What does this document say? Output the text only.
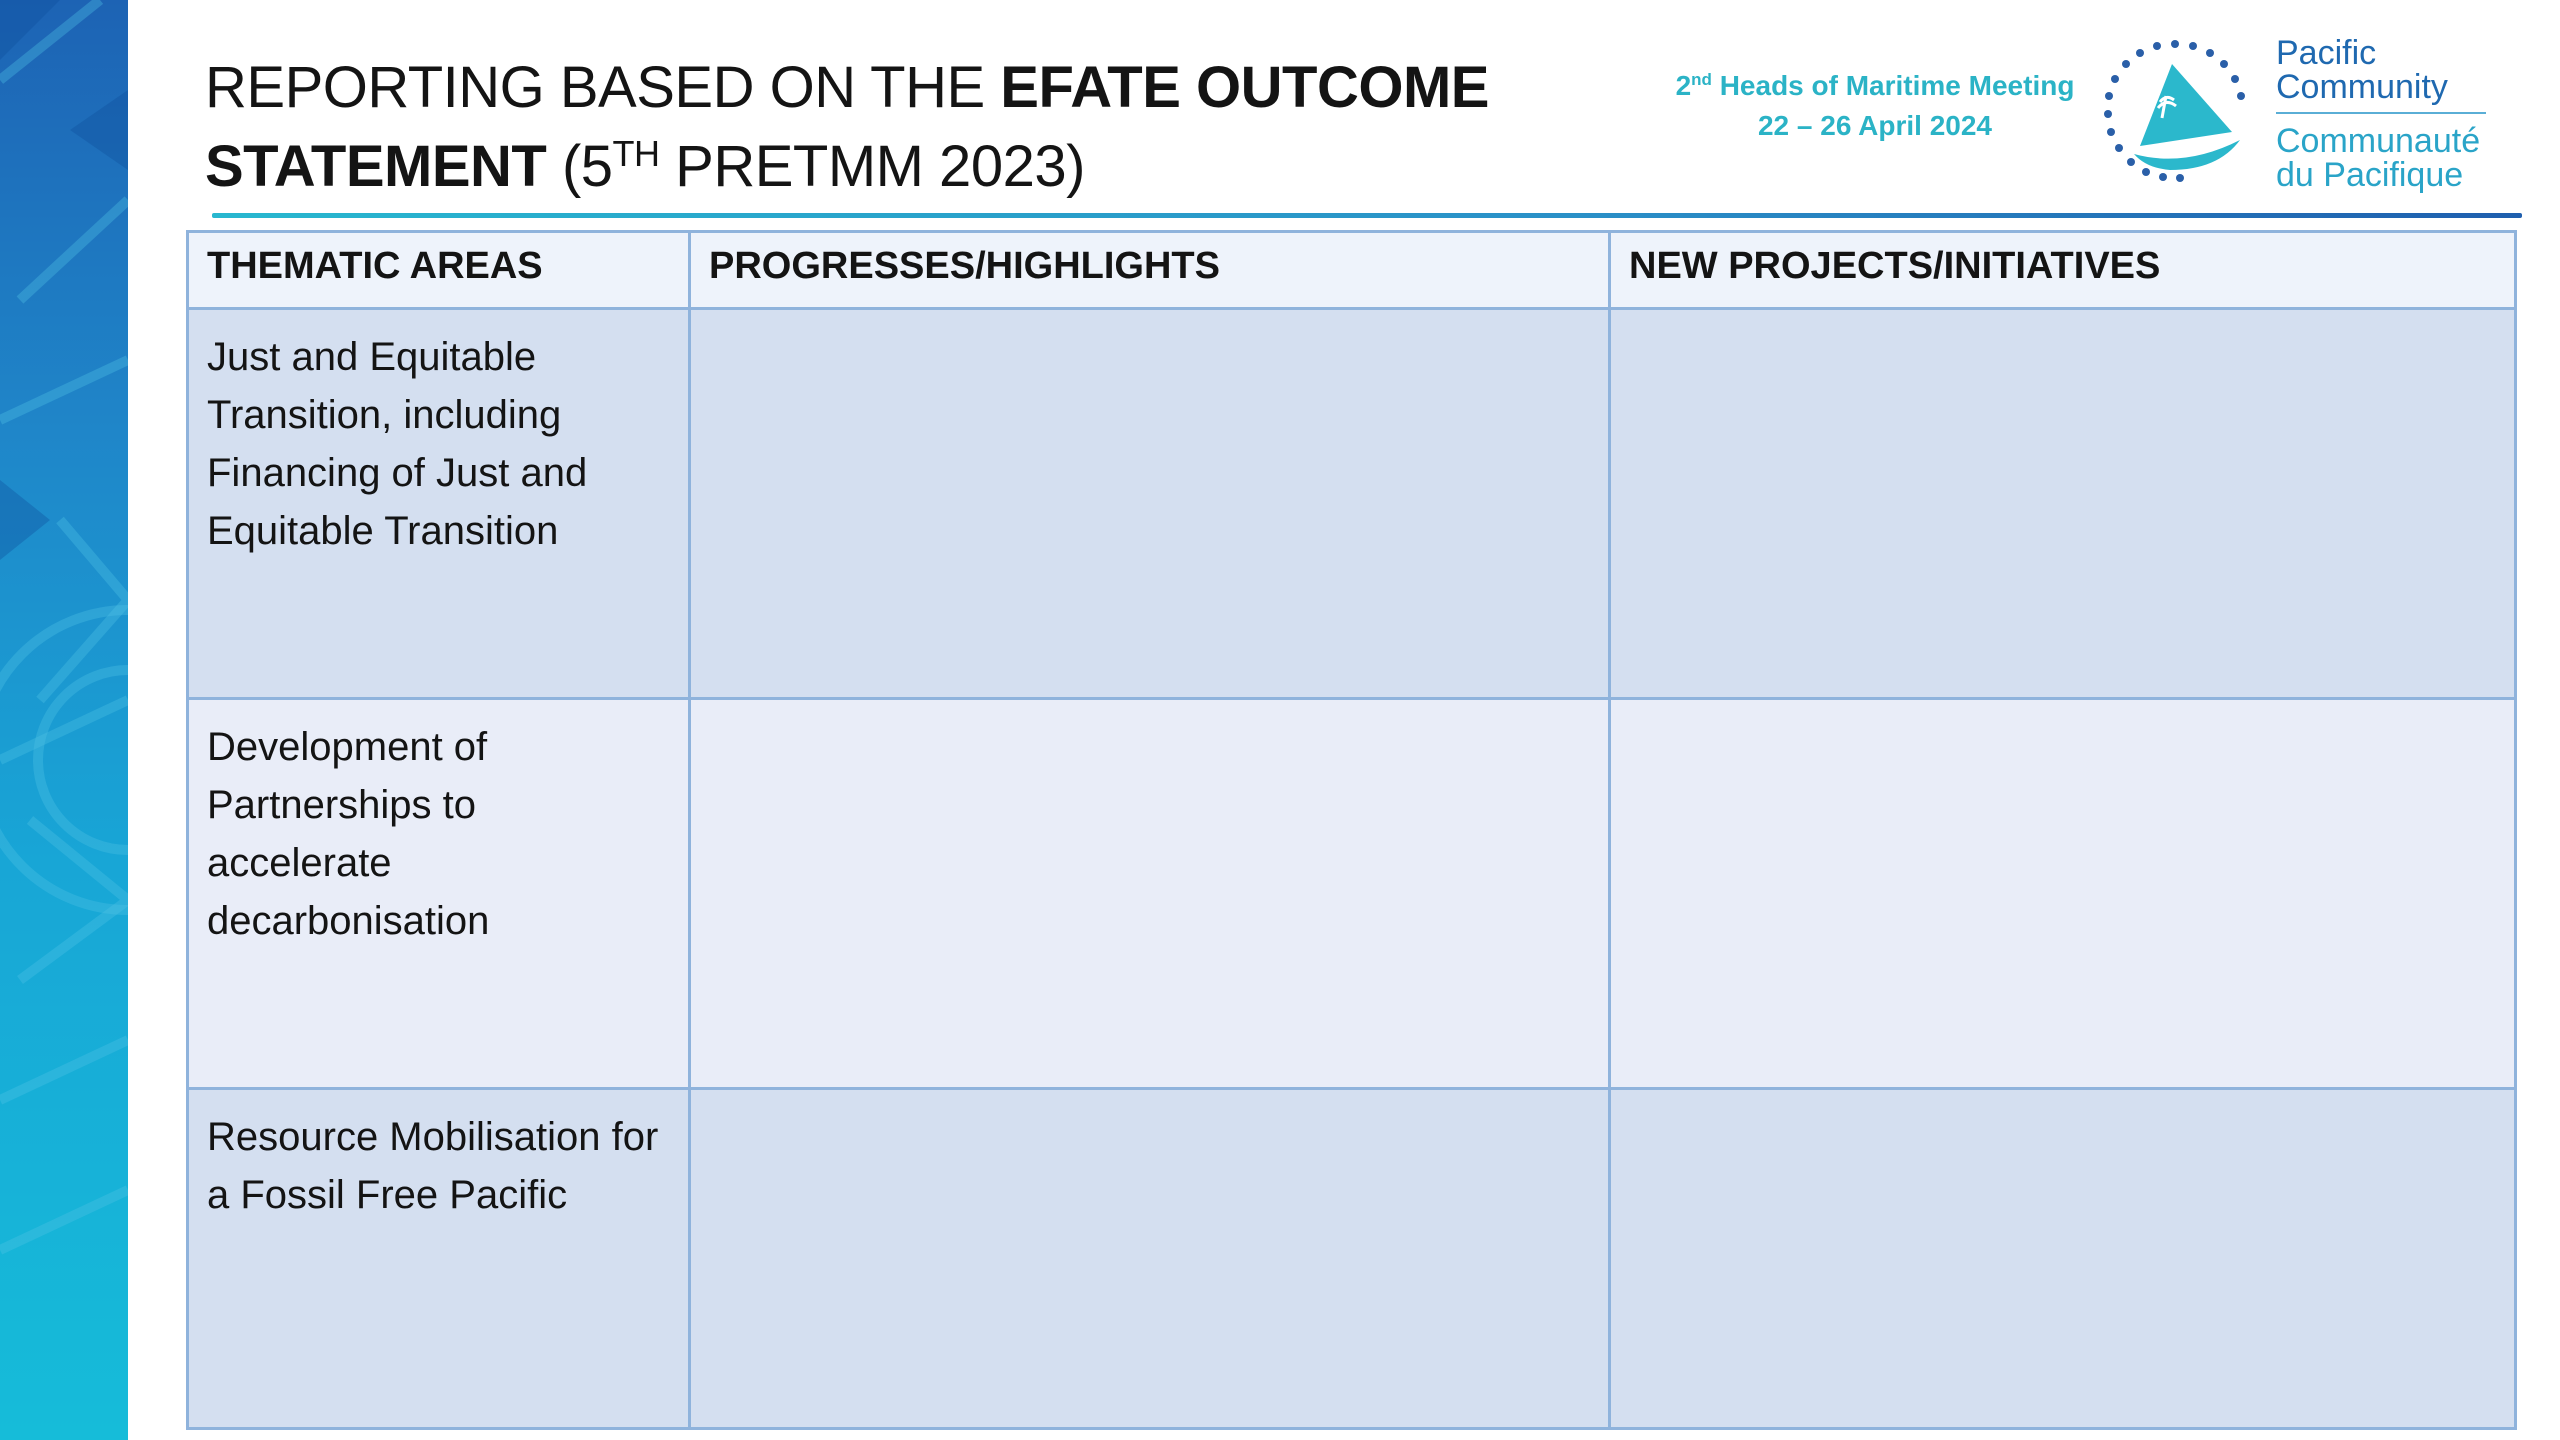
REPORTING BASED ON THE EFATE OUTCOME
STATEMENT (5TH PRETMM 2023)
2nd Heads of Maritime Meeting
22 – 26 April 2024
Pacific
Community
Communauté
du Pacifique
THEMATIC AREAS	PROGRESSES/HIGHLIGHTS	NEW PROJECTS/INITIATIVES
Just and Equitable Transition, including Financing of Just and Equitable Transition		
Development of Partnerships to accelerate decarbonisation		
Resource Mobilisation for a Fossil Free Pacific		
